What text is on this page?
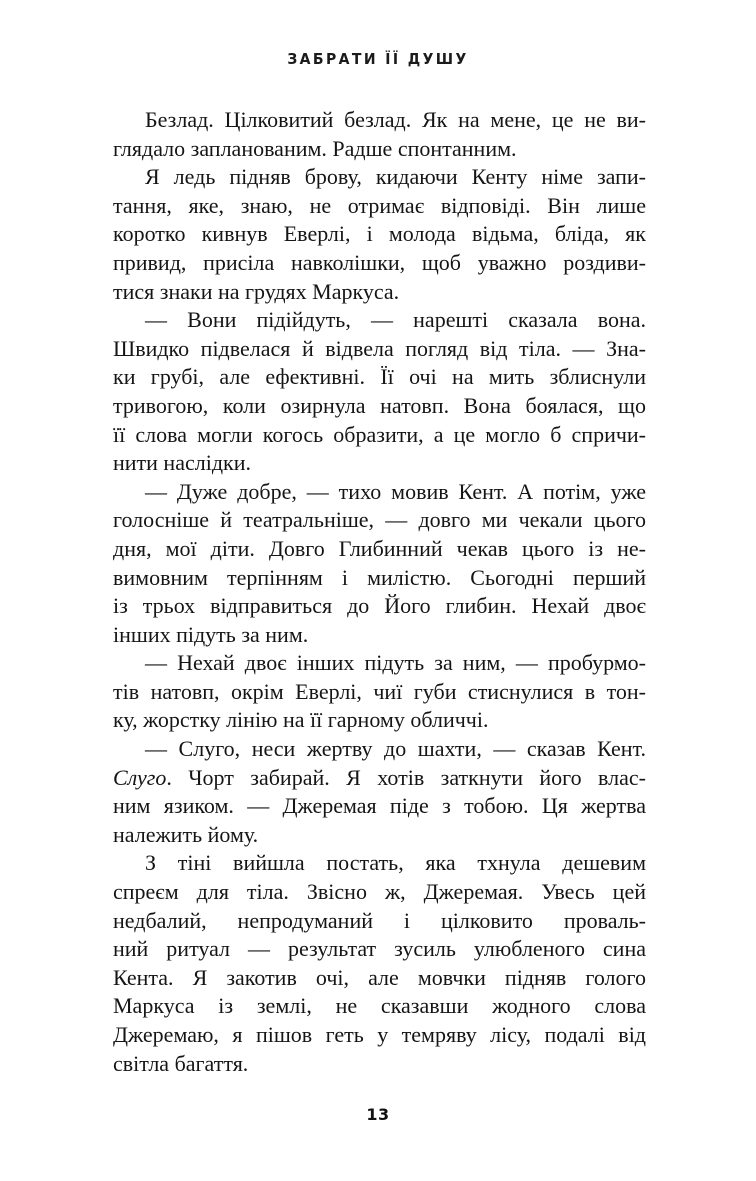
ЗАБРАТИ ЇЇ ДУШУ
Безлад. Цілковитий безлад. Як на мене, це не ви-
глядало запланованим. Радше спонтанним.
Я ледь підняв брову, кидаючи Кенту німе запи-
тання, яке, знаю, не отримає відповіді. Він лише
коротко кивнув Еверлі, і молода відьма, бліда, як
привид, присіла навколішки, щоб уважно роздиви-
тися знаки на грудях Маркуса.
— Вони підійдуть, — нарешті сказала вона.
Швидко підвелася й відвела погляд від тіла. — Зна-
ки грубі, але ефективні. Її очі на мить зблиснули
тривогою, коли озирнула натовп. Вона боялася, що
її слова могли когось образити, а це могло б спричи-
нити наслідки.
— Дуже добре, — тихо мовив Кент. А потім, уже
голосніше й театральніше, — довго ми чекали цього
дня, мої діти. Довго Глибинний чекав цього із не-
вимовним терпінням і милістю. Сьогодні перший
із трьох відправиться до Його глибин. Нехай двоє
інших підуть за ним.
— Нехай двоє інших підуть за ним, — пробурмо-
тів натовп, окрім Еверлі, чиї губи стиснулися в тон-
ку, жорстку лінію на її гарному обличчі.
— Слуго, неси жертву до шахти, — сказав Кент.
Слуго. Чорт забирай. Я хотів заткнути його влас-
ним язиком. — Джеремая піде з тобою. Ця жертва
належить йому.
З тіні вийшла постать, яка тхнула дешевим
спреєм для тіла. Звісно ж, Джеремая. Увесь цей
недбалий, непродуманий і цілковито проваль-
ний ритуал — результат зусиль улюбленого сина
Кента. Я закотив очі, але мовчки підняв голого
Маркуса із землі, не сказавши жодного слова
Джеремаю, я пішов геть у темряву лісу, подалі від
світла багаття.
13
